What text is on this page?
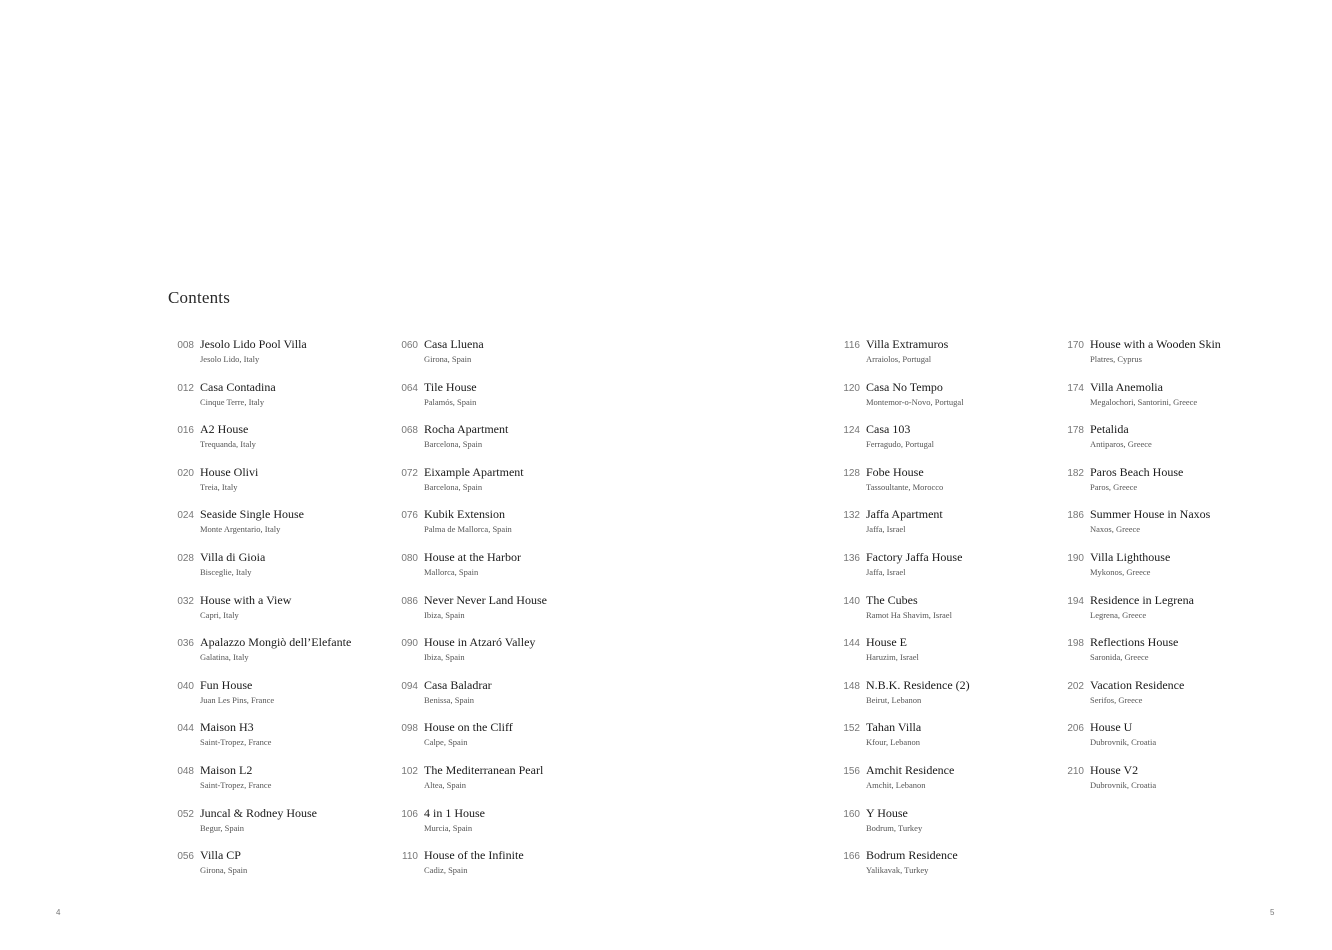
Contents
008 Jesolo Lido Pool Villa
Jesolo Lido, Italy
012 Casa Contadina
Cinque Terre, Italy
016 A2 House
Trequanda, Italy
020 House Olivi
Treia, Italy
024 Seaside Single House
Monte Argentario, Italy
028 Villa di Gioia
Bisceglie, Italy
032 House with a View
Capri, Italy
036 Apalazzo Mongiò dell’Elefante
Galatina, Italy
040 Fun House
Juan Les Pins, France
044 Maison H3
Saint-Tropez, France
048 Maison L2
Saint-Tropez, France
052 Juncal & Rodney House
Begur, Spain
056 Villa CP
Girona, Spain
060 Casa Lluena
Girona, Spain
064 Tile House
Palamós, Spain
068 Rocha Apartment
Barcelona, Spain
072 Eixample Apartment
Barcelona, Spain
076 Kubik Extension
Palma de Mallorca, Spain
080 House at the Harbor
Mallorca, Spain
086 Never Never Land House
Ibiza, Spain
090 House in Atzaró Valley
Ibiza, Spain
094 Casa Baladrar
Benissa, Spain
098 House on the Cliff
Calpe, Spain
102 The Mediterranean Pearl
Altea, Spain
106 4 in 1 House
Murcia, Spain
110 House of the Infinite
Cadiz, Spain
116 Villa Extramuros
Arraiolos, Portugal
120 Casa No Tempo
Montemor-o-Novo, Portugal
124 Casa 103
Ferragudo, Portugal
128 Fobe House
Tassoultante, Morocco
132 Jaffa Apartment
Jaffa, Israel
136 Factory Jaffa House
Jaffa, Israel
140 The Cubes
Ramot Ha Shavim, Israel
144 House E
Haruzim, Israel
148 N.B.K. Residence (2)
Beirut, Lebanon
152 Tahan Villa
Kfour, Lebanon
156 Amchit Residence
Amchit, Lebanon
160 Y House
Bodrum, Turkey
166 Bodrum Residence
Yalikavak, Turkey
170 House with a Wooden Skin
Platres, Cyprus
174 Villa Anemolia
Megalochori, Santorini, Greece
178 Petalida
Antiparos, Greece
182 Paros Beach House
Paros, Greece
186 Summer House in Naxos
Naxos, Greece
190 Villa Lighthouse
Mykonos, Greece
194 Residence in Legrena
Legrena, Greece
198 Reflections House
Saronida, Greece
202 Vacation Residence
Serifos, Greece
206 House U
Dubrovnik, Croatia
210 House V2
Dubrovnik, Croatia
4	5
